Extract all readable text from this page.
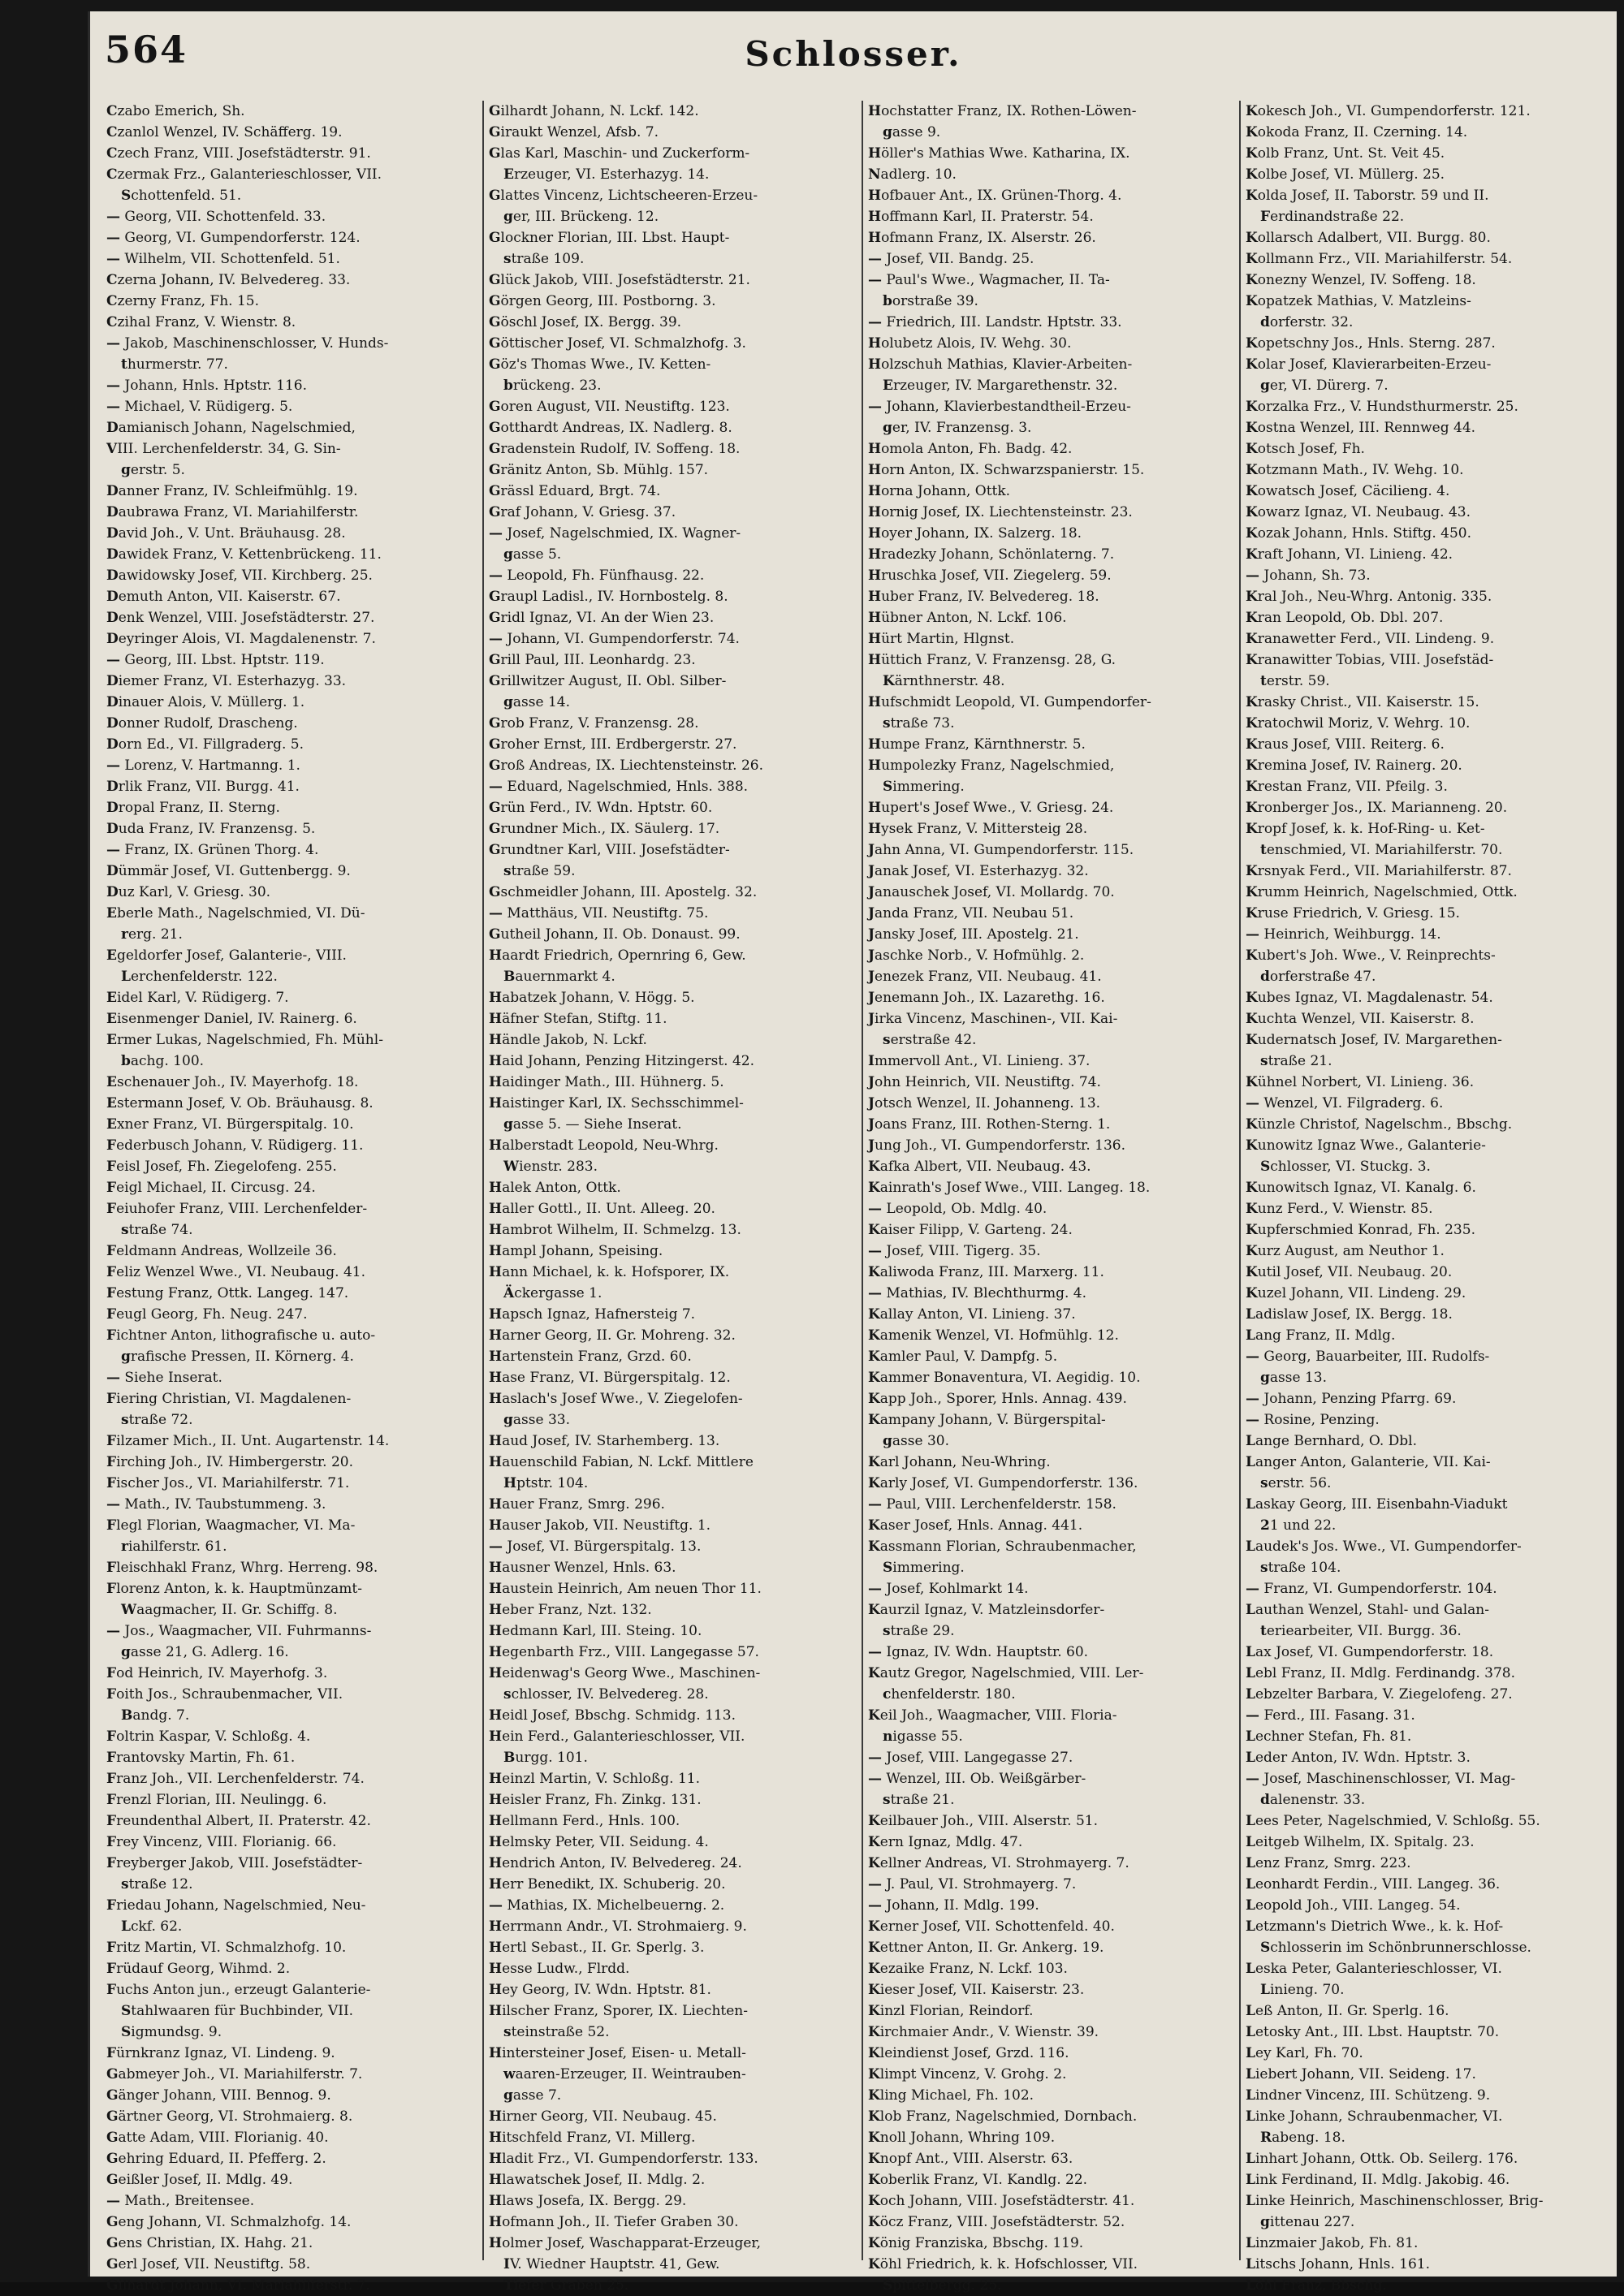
564	Schlosser.
Czabo Emerich, Sh.
Czanlol Wenzel, IV. Schäfferg. 19.
Czech Franz, VIII. Josefstädterstr. 91.
Czermak Frz., Galanterieschlosser, VII.
Schottenfeld. 51.
— Georg, VII. Schottenfeld. 33.
— Georg, VI. Gumpendorferstr. 124.
— Wilhelm, VII. Schottenfeld. 51.
Czerna Johann, IV. Belvedereg. 33.
Czerny Franz, Fh. 15.
Czihal Franz, V. Wienstr. 8.
— Jakob, Maschinenschlosser, V. Hunds-
thurmerstr. 77.
— Johann, Hnls. Hptstr. 116.
— Michael, V. Rüdigerg. 5.
Damianisch Johann, Nagelschmied,
VIII. Lerchenfelderstr. 34, G. Sin-
gerstr. 5.
Danner Franz, IV. Schleifmühlg. 19.
Daubrawa Franz, VI. Mariahilferstr.
David Joh., V. Unt. Bräuhausg. 28.
Dawidek Franz, V. Kettenbrückeng. 11.
Dawidowsky Josef, VII. Kirchberg. 25.
Demuth Anton, VII. Kaiserstr. 67.
Denk Wenzel, VIII. Josefstädterstr. 27.
Deyringer Alois, VI. Magdalenenstr. 7.
— Georg, III. Lbst. Hptstr. 119.
Diemer Franz, VI. Esterhazyg. 33.
Dinauer Alois, V. Müllerg. 1.
Donner Rudolf, Drascheng.
Dorn Ed., VI. Fillgraderg. 5.
— Lorenz, V. Hartmanng. 1.
Drlik Franz, VII. Burgg. 41.
Dropal Franz, II. Sterng.
Duda Franz, IV. Franzensg. 5.
— Franz, IX. Grünen Thorg. 4.
Dümmär Josef, VI. Guttenbergg. 9.
Duz Karl, V. Griesg. 30.
Eberle Math., Nagelschmied, VI. Dü-
rerg. 21.
Egeldorfer Josef, Galanterie-, VIII.
Lerchenfelderstr. 122.
Eidel Karl, V. Rüdigerg. 7.
Eisenmenger Daniel, IV. Rainerg. 6.
Ermer Lukas, Nagelschmied, Fh. Mühl-
bachg. 100.
Eschenauer Joh., IV. Mayerhofg. 18.
Estermann Josef, V. Ob. Bräuhausg. 8.
Exner Franz, VI. Bürgerspitalg. 10.
Federbusch Johann, V. Rüdigerg. 11.
Feisl Josef, Fh. Ziegelofeng. 255.
Feigl Michael, II. Circusg. 24.
Feiuhofer Franz, VIII. Lerchenfelder-
straße 74.
Feldmann Andreas, Wollzeile 36.
Feliz Wenzel Wwe., VI. Neubaug. 41.
Festung Franz, Ottk. Langeg. 147.
Feugl Georg, Fh. Neug. 247.
Fichtner Anton, lithografische u. auto-
grafische Pressen, II. Körnerg. 4.
— Siehe Inserat.
Fiering Christian, VI. Magdalenen-
straße 72.
Filzamer Mich., II. Unt. Augartenstr. 14.
Firching Joh., IV. Himbergerstr. 20.
Fischer Jos., VI. Mariahilferstr. 71.
— Math., IV. Taubstummeng. 3.
Flegl Florian, Waagmacher, VI. Ma-
riahilferstr. 61.
Fleischhakl Franz, Whrg. Herreng. 98.
Florenz Anton, k. k. Hauptmünzamt-
Waagmacher, II. Gr. Schiffg. 8.
— Jos., Waagmacher, VII. Fuhrmanns-
gasse 21, G. Adlerg. 16.
Fod Heinrich, IV. Mayerhofg. 3.
Foith Jos., Schraubenmacher, VII.
Bandg. 7.
Foltrin Kaspar, V. Schloßg. 4.
Frantovsky Martin, Fh. 61.
Franz Joh., VII. Lerchenfelderstr. 74.
Frenzl Florian, III. Neulingg. 6.
Freundenthal Albert, II. Praterstr. 42.
Frey Vincenz, VIII. Florianig. 66.
Freyberger Jakob, VIII. Josefstädter-
straße 12.
Friedau Johann, Nagelschmied, Neu-
Lckf. 62.
Fritz Martin, VI. Schmalzhofg. 10.
Früdauf Georg, Wihmd. 2.
Fuchs Anton jun., erzeugt Galanterie-
Stahlwaaren für Buchbinder, VII.
Sigmundsg. 9.
Fürnkranz Ignaz, VI. Lindeng. 9.
Gabmeyer Joh., VI. Mariahilferstr. 7.
Gänger Johann, VIII. Bennog. 9.
Gärtner Georg, VI. Strohmaierg. 8.
Gatte Adam, VIII. Florianig. 40.
Gehring Eduard, II. Pfefferg. 2.
Geißler Josef, II. Mdlg. 49.
— Math., Breitensee.
Geng Johann, VI. Schmalzhofg. 14.
Gens Christian, IX. Hahg. 21.
Gerl Josef, VII. Neustiftg. 58.
Gilhardt Johann, VI. Mariahilferstr. 7.
Gilhardt Johann, N. Lckf. 142.
Giraukt Wenzel, Afsb. 7.
Glas Karl, Maschin- und Zuckerform-
Erzeuger, VI. Esterhazyg. 14.
Glattes Vincenz, Lichtscheeren-Erzeu-
ger, III. Brückeng. 12.
Glockner Florian, III. Lbst. Haupt-
straße 109.
Glück Jakob, VIII. Josefstädterstr. 21.
Görgen Georg, III. Postborng. 3.
Göschl Josef, IX. Bergg. 39.
Göttischer Josef, VI. Schmalzhofg. 3.
Göz's Thomas Wwe., IV. Ketten-
brückeng. 23.
Goren August, VII. Neustiftg. 123.
Gotthardt Andreas, IX. Nadlerg. 8.
Gradenstein Rudolf, IV. Soffeng. 18.
Gränitz Anton, Sb. Mühlg. 157.
Grässl Eduard, Brgt. 74.
Graf Johann, V. Griesg. 37.
— Josef, Nagelschmied, IX. Wagner-
gasse 5.
— Leopold, Fh. Fünfhausg. 22.
Graupl Ladisl., IV. Hornbostelg. 8.
Gridl Ignaz, VI. An der Wien 23.
— Johann, VI. Gumpendorferstr. 74.
Grill Paul, III. Leonhardg. 23.
Grillwitzer August, II. Obl. Silber-
gasse 14.
Grob Franz, V. Franzensg. 28.
Groher Ernst, III. Erdbergerstr. 27.
Groß Andreas, IX. Liechtensteinstr. 26.
— Eduard, Nagelschmied, Hnls. 388.
Grün Ferd., IV. Wdn. Hptstr. 60.
Grundner Mich., IX. Säulerg. 17.
Grundtner Karl, VIII. Josefstädter-
straße 59.
Gschmeidler Johann, III. Apostelg. 32.
— Matthäus, VII. Neustiftg. 75.
Gutheil Johann, II. Ob. Donaust. 99.
Haardt Friedrich, Opernring 6, Gew.
Bauernmarkt 4.
Habatzek Johann, V. Högg. 5.
Häfner Stefan, Stiftg. 11.
Händle Jakob, N. Lckf.
Haid Johann, Penzing Hitzingerst. 42.
Haidinger Math., III. Hühnerg. 5.
Haistinger Karl, IX. Sechsschimmel-
gasse 5. — Siehe Inserat.
Halberstadt Leopold, Neu-Whrg.
Wienstr. 283.
Halek Anton, Ottk.
Haller Gottl., II. Unt. Alleeg. 20.
Hambrot Wilhelm, II. Schmelzg. 13.
Hampl Johann, Speising.
Hann Michael, k. k. Hofsporer, IX.
Äckergasse 1.
Hapsch Ignaz, Hafnersteig 7.
Harner Georg, II. Gr. Mohreng. 32.
Hartenstein Franz, Grzd. 60.
Hase Franz, VI. Bürgerspitalg. 12.
Haslach's Josef Wwe., V. Ziegelofen-
gasse 33.
Haud Josef, IV. Starhemberg. 13.
Hauenschild Fabian, N. Lckf. Mittlere
Hptstr. 104.
Hauer Franz, Smrg. 296.
Hauser Jakob, VII. Neustiftg. 1.
— Josef, VI. Bürgerspitalg. 13.
Hausner Wenzel, Hnls. 63.
Haustein Heinrich, Am neuen Thor 11.
Heber Franz, Nzt. 132.
Hedmann Karl, III. Steing. 10.
Hegenbarth Frz., VIII. Langegasse 57.
Heidenwag's Georg Wwe., Maschinen-
schlosser, IV. Belvedereg. 28.
Heidl Josef, Bbschg. Schmidg. 113.
Hein Ferd., Galanterieschlosser, VII.
Burgg. 101.
Heinzl Martin, V. Schloßg. 11.
Heisler Franz, Fh. Zinkg. 131.
Hellmann Ferd., Hnls. 100.
Helmsky Peter, VII. Seidung. 4.
Hendrich Anton, IV. Belvedereg. 24.
Herr Benedikt, IX. Schuberig. 20.
— Mathias, IX. Michelbeuerng. 2.
Herrmann Andr., VI. Strohmaierg. 9.
Hertl Sebast., II. Gr. Sperlg. 3.
Hesse Ludw., Flrdd.
Hey Georg, IV. Wdn. Hptstr. 81.
Hilscher Franz, Sporer, IX. Liechten-
steinstraße 52.
Hintersteiner Josef, Eisen- u. Metall-
waaren-Erzeuger, II. Weintrauben-
gasse 7.
Hirner Georg, VII. Neubaug. 45.
Hitschfeld Franz, VI. Millerg.
Hladit Frz., VI. Gumpendorferstr. 133.
Hlawatschek Josef, II. Mdlg. 2.
Hlaws Josefa, IX. Bergg. 29.
Hofmann Joh., II. Tiefer Graben 30.
Holmer Josef, Waschapparat-Erzeuger,
IV. Wiedner Hauptstr. 41, Gew.
Tiefer Graben 25.
Hochstatter Franz, IX. Rothen-Löwen-
gasse 9.
Höller's Mathias Wwe. Katharina, IX.
Nadlerg. 10.
Hofbauer Ant., IX. Grünen-Thorg. 4.
Hoffmann Karl, II. Praterstr. 54.
Hofmann Franz, IX. Alserstr. 26.
— Josef, VII. Bandg. 25.
— Paul's Wwe., Wagmacher, II. Ta-
borstraße 39.
— Friedrich, III. Landstr. Hptstr. 33.
Holubetz Alois, IV. Wehg. 30.
Holzschuh Mathias, Klavier-Arbeiten-
Erzeuger, IV. Margarethenstr. 32.
— Johann, Klavierbestandtheil-Erzeu-
ger, IV. Franzensg. 3.
Homola Anton, Fh. Badg. 42.
Horn Anton, IX. Schwarzspanierstr. 15.
Horna Johann, Ottk.
Hornig Josef, IX. Liechtensteinstr. 23.
Hoyer Johann, IX. Salzerg. 18.
Hradezky Johann, Schönlaterng. 7.
Hruschka Josef, VII. Ziegelerg. 59.
Huber Franz, IV. Belvedereg. 18.
Hübner Anton, N. Lckf. 106.
Hürt Martin, Hlgnst.
Hüttich Franz, V. Franzensg. 28, G.
Kärnthnerstr. 48.
Hufschmidt Leopold, VI. Gumpendorfer-
straße 73.
Humpe Franz, Kärnthnerstr. 5.
Humpolezky Franz, Nagelschmied,
Simmering.
Hupert's Josef Wwe., V. Griesg. 24.
Hysek Franz, V. Mittersteig 28.
Jahn Anna, VI. Gumpendorferstr. 115.
Janak Josef, VI. Esterhazyg. 32.
Janauschek Josef, VI. Mollardg. 70.
Janda Franz, VII. Neubau 51.
Jansky Josef, III. Apostelg. 21.
Jaschke Norb., V. Hofmühlg. 2.
Jenezek Franz, VII. Neubaug. 41.
Jenemann Joh., IX. Lazarethg. 16.
Jirka Vincenz, Maschinen-, VII. Kai-
serstraße 42.
Immervoll Ant., VI. Linieng. 37.
John Heinrich, VII. Neustiftg. 74.
Jotsch Wenzel, II. Johanneng. 13.
Joans Franz, III. Rothen-Sterng. 1.
Jung Joh., VI. Gumpendorferstr. 136.
Kafka Albert, VII. Neubaug. 43.
Kainrath's Josef Wwe., VIII. Langeg. 18.
— Leopold, Ob. Mdlg. 40.
Kaiser Filipp, V. Garteng. 24.
— Josef, VIII. Tigerg. 35.
Kaliwoda Franz, III. Marxerg. 11.
— Mathias, IV. Blechthurmg. 4.
Kallay Anton, VI. Linieng. 37.
Kamenik Wenzel, VI. Hofmühlg. 12.
Kamler Paul, V. Dampfg. 5.
Kammer Bonaventura, VI. Aegidig. 10.
Kapp Joh., Sporer, Hnls. Annag. 439.
Kampany Johann, V. Bürgerspital-
gasse 30.
Karl Johann, Neu-Whring.
Karly Josef, VI. Gumpendorferstr. 136.
— Paul, VIII. Lerchenfelderstr. 158.
Kaser Josef, Hnls. Annag. 441.
Kassmann Florian, Schraubenmacher,
Simmering.
— Josef, Kohlmarkt 14.
Kaurzil Ignaz, V. Matzleinsdorfer-
straße 29.
— Ignaz, IV. Wdn. Hauptstr. 60.
Kautz Gregor, Nagelschmied, VIII. Ler-
chenfelderstr. 180.
Keil Joh., Waagmacher, VIII. Floria-
nigasse 55.
— Josef, VIII. Langegasse 27.
— Wenzel, III. Ob. Weißgärber-
straße 21.
Keilbauer Joh., VIII. Alserstr. 51.
Kern Ignaz, Mdlg. 47.
Kellner Andreas, VI. Strohmayerg. 7.
— J. Paul, VI. Strohmayerg. 7.
— Johann, II. Mdlg. 199.
Kerner Josef, VII. Schottenfeld. 40.
Kettner Anton, II. Gr. Ankerg. 19.
Kezaike Franz, N. Lckf. 103.
Kieser Josef, VII. Kaiserstr. 23.
Kinzl Florian, Reindorf.
Kirchmaier Andr., V. Wienstr. 39.
Kleindienst Josef, Grzd. 116.
Klimpt Vincenz, V. Grohg. 2.
Kling Michael, Fh. 102.
Klob Franz, Nagelschmied, Dornbach.
Knoll Johann, Whring 109.
Knopf Ant., VIII. Alserstr. 63.
Koberlik Franz, VI. Kandlg. 22.
Koch Johann, VIII. Josefstädterstr. 41.
Köcz Franz, VIII. Josefstädterstr. 52.
König Franziska, Bbschg. 119.
Köhl Friedrich, k. k. Hofschlosser, VII.
Spittelbergg. 25.
Kokesch Joh., VI. Gumpendorferstr. 121.
Kokoda Franz, II. Czerning. 14.
Kolb Franz, Unt. St. Veit 45.
Kolbe Josef, VI. Müllerg. 25.
Kolda Josef, II. Taborstr. 59 und II.
Ferdinandstraße 22.
Kollarsch Adalbert, VII. Burgg. 80.
Kollmann Frz., VII. Mariahilferstr. 54.
Konezny Wenzel, IV. Soffeng. 18.
Kopatzek Mathias, V. Matzleins-
dorferstr. 32.
Kopetschny Jos., Hnls. Sterng. 287.
Kolar Josef, Klavierarbeiten-Erzeu-
ger, VI. Dürerg. 7.
Korzalka Frz., V. Hundsthurmerstr. 25.
Kostna Wenzel, III. Rennweg 44.
Kotsch Josef, Fh.
Kotzmann Math., IV. Wehg. 10.
Kowatsch Josef, Cäcilieng. 4.
Kowarz Ignaz, VI. Neubaug. 43.
Kozak Johann, Hnls. Stiftg. 450.
Kraft Johann, VI. Linieng. 42.
— Johann, Sh. 73.
Kral Joh., Neu-Whrg. Antonig. 335.
Kran Leopold, Ob. Dbl. 207.
Kranawetter Ferd., VII. Lindeng. 9.
Kranawitter Tobias, VIII. Josefstäd-
terstr. 59.
Krasky Christ., VII. Kaiserstr. 15.
Kratochwil Moriz, V. Wehrg. 10.
Kraus Josef, VIII. Reiterg. 6.
Kremina Josef, IV. Rainerg. 20.
Krestan Franz, VII. Pfeilg. 3.
Kronberger Jos., IX. Marianneng. 20.
Kropf Josef, k. k. Hof-Ring- u. Ket-
tenschmied, VI. Mariahilferstr. 70.
Krsnyak Ferd., VII. Mariahilferstr. 87.
Krumm Heinrich, Nagelschmied, Ottk.
Kruse Friedrich, V. Griesg. 15.
— Heinrich, Weihburgg. 14.
Kubert's Joh. Wwe., V. Reinprechts-
dorferstraße 47.
Kubes Ignaz, VI. Magdalenastr. 54.
Kuchta Wenzel, VII. Kaiserstr. 8.
Kudernatsch Josef, IV. Margarethen-
straße 21.
Kühnel Norbert, VI. Linieng. 36.
— Wenzel, VI. Filgraderg. 6.
Künzle Christof, Nagelschm., Bbschg.
Kunowitz Ignaz Wwe., Galanterie-
Schlosser, VI. Stuckg. 3.
Kunowitsch Ignaz, VI. Kanalg. 6.
Kunz Ferd., V. Wienstr. 85.
Kupferschmied Konrad, Fh. 235.
Kurz August, am Neuthor 1.
Kutil Josef, VII. Neubaug. 20.
Kuzel Johann, VII. Lindeng. 29.
Ladislaw Josef, IX. Bergg. 18.
Lang Franz, II. Mdlg.
— Georg, Bauarbeiter, III. Rudolfs-
gasse 13.
— Johann, Penzing Pfarrg. 69.
— Rosine, Penzing.
Lange Bernhard, O. Dbl.
Langer Anton, Galanterie, VII. Kai-
serstr. 56.
Laskay Georg, III. Eisenbahn-Viadukt
21 und 22.
Laudek's Jos. Wwe., VI. Gumpendorfer-
straße 104.
— Franz, VI. Gumpendorferstr. 104.
Lauthan Wenzel, Stahl- und Galan-
teriearbeiter, VII. Burgg. 36.
Lax Josef, VI. Gumpendorferstr. 18.
Lebl Franz, II. Mdlg. Ferdinandg. 378.
Lebzelter Barbara, V. Ziegelofeng. 27.
— Ferd., III. Fasang. 31.
Lechner Stefan, Fh. 81.
Leder Anton, IV. Wdn. Hptstr. 3.
— Josef, Maschinenschlosser, VI. Mag-
dalenenstr. 33.
Lees Peter, Nagelschmied, V. Schloßg. 55.
Leitgeb Wilhelm, IX. Spitalg. 23.
Lenz Franz, Smrg. 223.
Leonhardt Ferdin., VIII. Langeg. 36.
Leopold Joh., VIII. Langeg. 54.
Letzmann's Dietrich Wwe., k. k. Hof-
Schlosserin im Schönbrunnerschlosse.
Leska Peter, Galanterieschlosser, VI.
Linieng. 70.
Leß Anton, II. Gr. Sperlg. 16.
Letosky Ant., III. Lbst. Hauptstr. 70.
Ley Karl, Fh. 70.
Liebert Johann, VII. Seideng. 17.
Lindner Vincenz, III. Schützeng. 9.
Linke Johann, Schraubenmacher, VI.
Rabeng. 18.
Linhart Johann, Ottk. Ob. Seilerg. 176.
Link Ferdinand, II. Mdlg. Jakobig. 46.
Linke Heinrich, Maschinenschlosser, Brig-
gittenau 227.
Linzmaier Jakob, Fh. 81.
Litschs Johann, Hnls. 161.
Löhl Franz, Bbschg.
